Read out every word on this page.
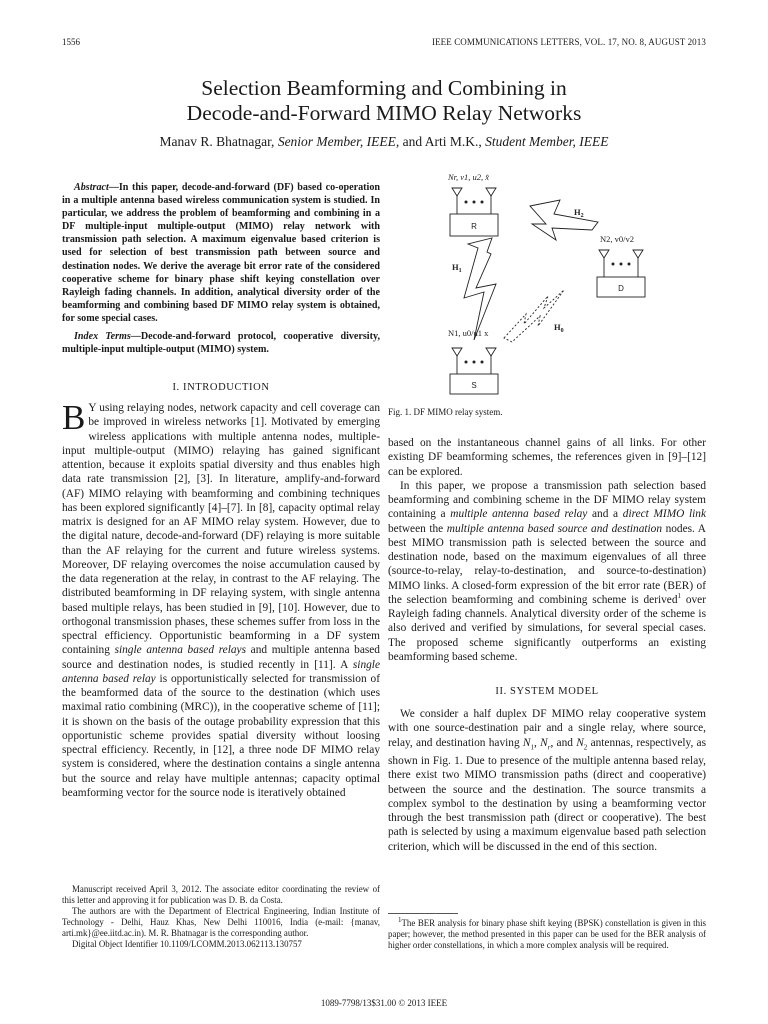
1556	IEEE COMMUNICATIONS LETTERS, VOL. 17, NO. 8, AUGUST 2013
Selection Beamforming and Combining in
Decode-and-Forward MIMO Relay Networks
Manav R. Bhatnagar, Senior Member, IEEE, and Arti M.K., Student Member, IEEE

Abstract—In this paper, decode-and-forward (DF) based co-operation in a multiple antenna based wireless communication system is studied. In particular, we address the problem of beamforming and combining in a DF multiple-input multiple-output (MIMO) relay network with transmission path selection. A maximum eigenvalue based criterion is used for selection of best transmission path between source and destination nodes. We derive the average bit error rate of the considered cooperative scheme for binary phase shift keying constellation over Rayleigh fading channels. In addition, analytical diversity order of the beamforming and combining based DF MIMO relay system is obtained, for some special cases.

Index Terms—Decode-and-forward protocol, cooperative diversity, multiple-input multiple-output (MIMO) system.

I. INTRODUCTION

B Y using relaying nodes, network capacity and cell coverage can be improved in wireless networks [1]. Motivated by emerging wireless applications with multiple antenna nodes, multiple-input multiple-output (MIMO) relaying has gained significant attention, because it exploits spatial diversity and thus enables high data rate transmission [2], [3]. In literature, amplify-and-forward (AF) MIMO relaying with beamforming and combining techniques has been explored significantly [4]–[7]. In [8], capacity optimal relay matrix is designed for an AF MIMO relay system. However, due to the digital nature, decode-and-forward (DF) relaying is more suitable than the AF relaying for the current and future wireless systems. Moreover, DF relaying overcomes the noise accumulation caused by the data regeneration at the relay, in contrast to the AF relaying. The distributed beamforming in DF relaying system, with single antenna based multiple relays, has been studied in [9], [10]. However, due to orthogonal transmission phases, these schemes suffer from loss in the spectral efficiency. Opportunistic beamforming in a DF system containing single antenna based relays and multiple antenna based source and destination nodes, is studied recently in [11]. A single antenna based relay is opportunistically selected for transmission of the beamformed data of the source to the destination (which uses maximal ratio combining (MRC)), in the cooperative scheme of [11]; it is shown on the basis of the outage probability expression that this opportunistic scheme provides spatial diversity without loosing spectral efficiency. Recently, in [12], a three node DF MIMO relay system is considered, where the destination contains a single antenna but the source and relay have multiple antennas; capacity optimal beamforming vector for the source node is iteratively obtained

Manuscript received April 3, 2012. The associate editor coordinating the review of this letter and approving it for publication was D. B. da Costa.

The authors are with the Department of Electrical Engineering, Indian Institute of Technology - Delhi, Hauz Khas, New Delhi 110016, India (e-mail: {manav, arti.mk}@ee.iitd.ac.in). M. R. Bhatnagar is the corresponding author.

Digital Object Identifier 10.1109/LCOMM.2013.062113.130757

R
D
S
Nr, v1, u2, x̂
N2, v0/v2
N1, u0/u1 x
$H_2$
$H_1$
$H_0$
Fig. 1. DF MIMO relay system.

based on the instantaneous channel gains of all links. For other existing DF beamforming schemes, the references given in [9]–[12] can be explored.

In this paper, we propose a transmission path selection based beamforming and combining scheme in the DF MIMO relay system containing a multiple antenna based relay and a direct MIMO link between the multiple antenna based source and destination nodes. A best MIMO transmission path is selected between the source and destination node, based on the maximum eigenvalues of all three (source-to-relay, relay-to-destination, and source-to-destination) MIMO links. A closed-form expression of the bit error rate (BER) of the selection beamforming and combining scheme is derived$^1$ over Rayleigh fading channels. Analytical diversity order of the scheme is also derived and verified by simulations, for several special cases. The proposed scheme significantly outperforms an existing beamforming based scheme.

II. SYSTEM MODEL

We consider a half duplex DF MIMO relay cooperative system with one source-destination pair and a single relay, where source, relay, and destination having $N_1$, $N_r$, and $N_2$ antennas, respectively, as shown in Fig. 1. Due to presence of the multiple antenna based relay, there exist two MIMO transmission paths (direct and cooperative) between the source and the destination. The source transmits a complex symbol to the destination by using a beamforming vector through the best transmission path (direct or cooperative). The best path is selected by using a maximum eigenvalue based path selection criterion, which will be discussed in the end of this section.

$^1$The BER analysis for binary phase shift keying (BPSK) constellation is given in this paper; however, the method presented in this paper can be used for the BER analysis of higher order constellations, in which a more complex analysis will be required.

1089-7798/13$31.00 © 2013 IEEE
